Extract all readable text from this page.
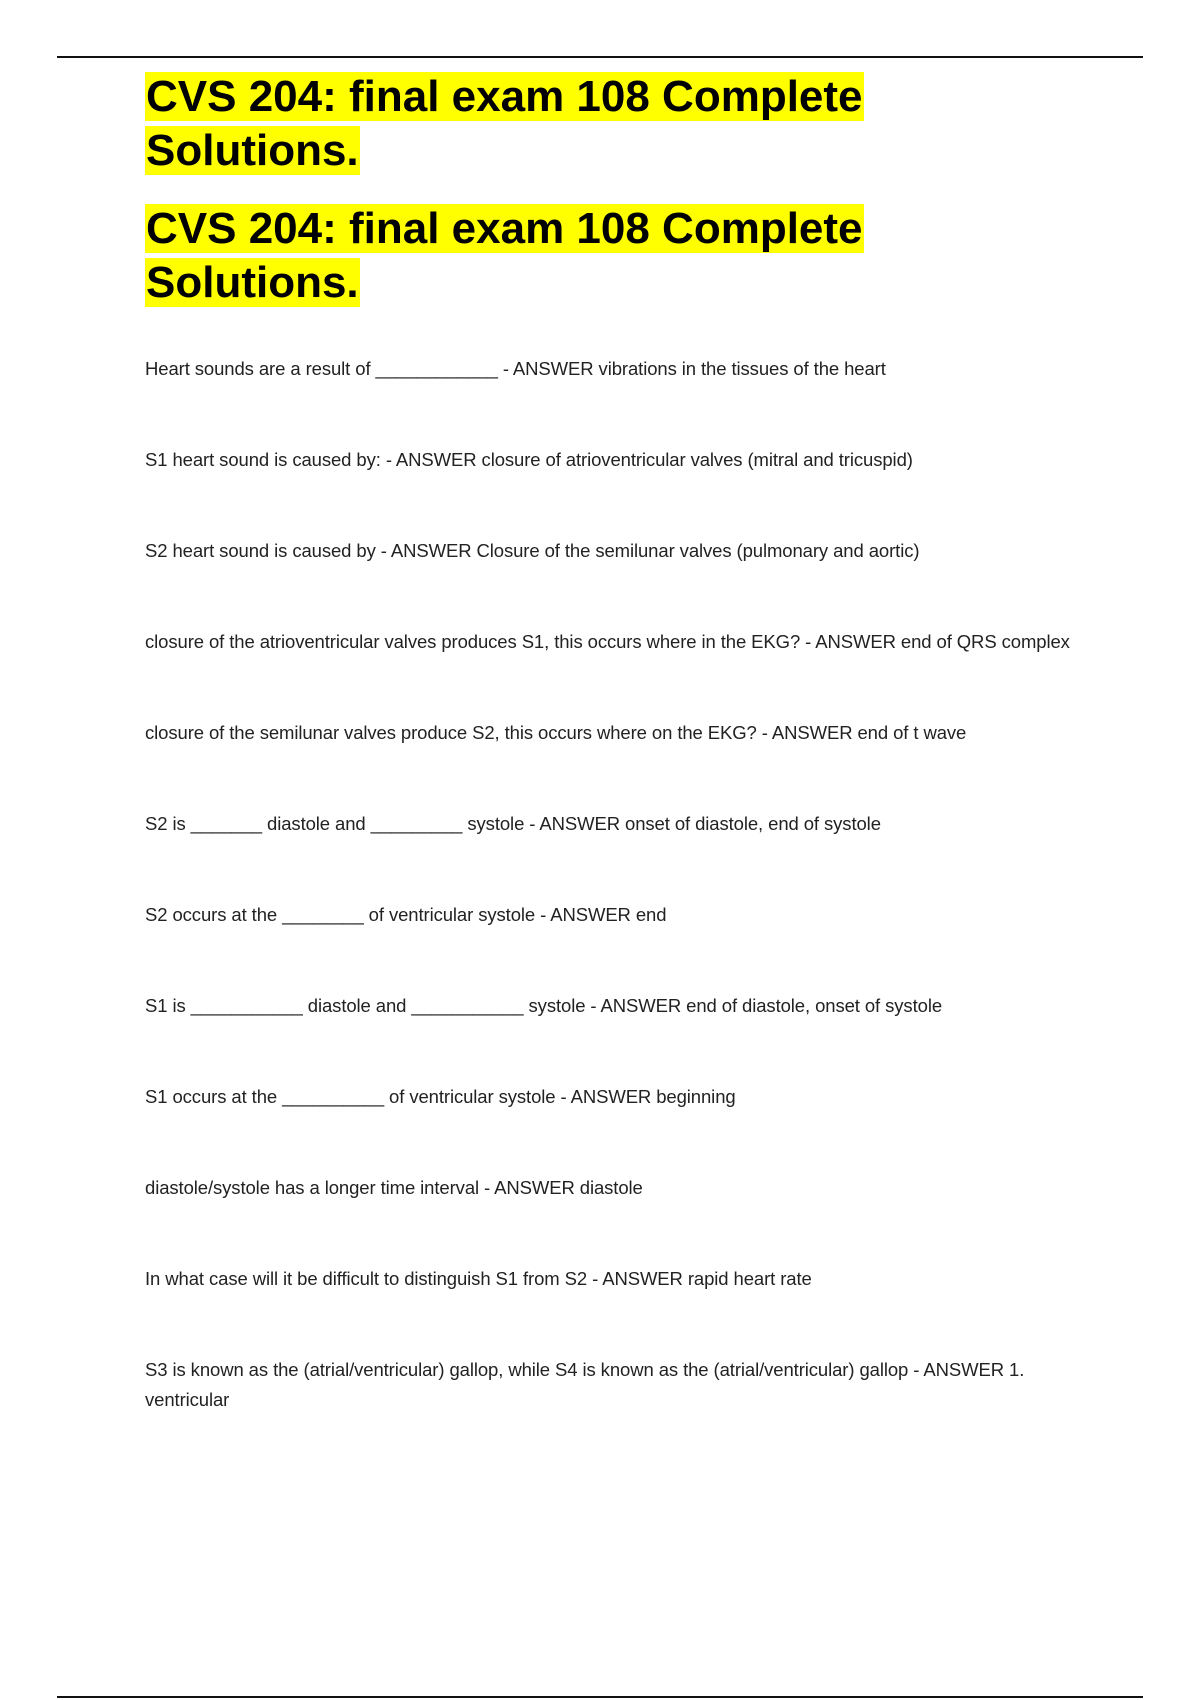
CVS 204: final exam 108 Complete Solutions.
CVS 204: final exam 108 Complete Solutions.

Heart sounds are a result of ____________ - ANSWER vibrations in the tissues of the heart

S1 heart sound is caused by: - ANSWER closure of atrioventricular valves (mitral and tricuspid)

S2 heart sound is caused by - ANSWER Closure of the semilunar valves (pulmonary and aortic)

closure of the atrioventricular valves produces S1, this occurs where in the EKG? - ANSWER end of QRS complex

closure of the semilunar valves produce S2, this occurs where on the EKG? - ANSWER end of t wave

S2 is _______ diastole and _________ systole - ANSWER onset of diastole, end of systole

S2 occurs at the ________ of ventricular systole - ANSWER end

S1 is ___________ diastole and ___________ systole - ANSWER end of diastole, onset of systole

S1 occurs at the __________ of ventricular systole - ANSWER beginning

diastole/systole has a longer time interval - ANSWER diastole

In what case will it be difficult to distinguish S1 from S2 - ANSWER rapid heart rate

S3 is known as the (atrial/ventricular) gallop, while S4 is known as the (atrial/ventricular) gallop - ANSWER 1. ventricular
